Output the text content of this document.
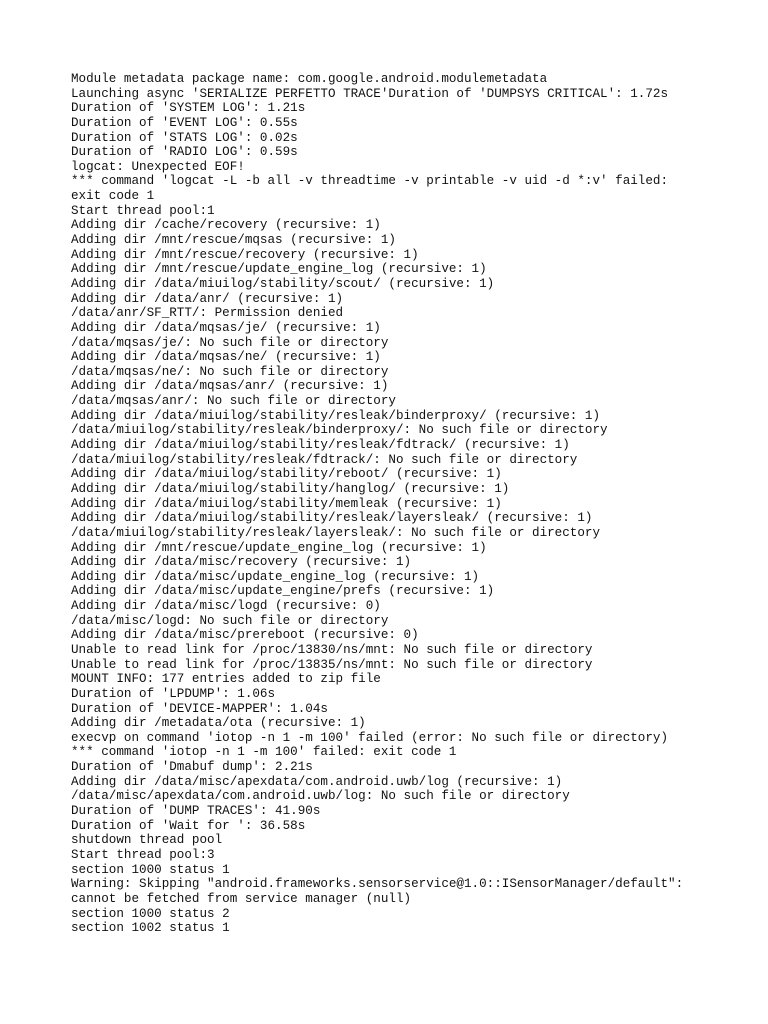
Module metadata package name: com.google.android.modulemetadata
Launching async 'SERIALIZE PERFETTO TRACE'Duration of 'DUMPSYS CRITICAL': 1.72s
Duration of 'SYSTEM LOG': 1.21s
Duration of 'EVENT LOG': 0.55s
Duration of 'STATS LOG': 0.02s
Duration of 'RADIO LOG': 0.59s
logcat: Unexpected EOF!
*** command 'logcat -L -b all -v threadtime -v printable -v uid -d *:v' failed:
exit code 1
Start thread pool:1
Adding dir /cache/recovery (recursive: 1)
Adding dir /mnt/rescue/mqsas (recursive: 1)
Adding dir /mnt/rescue/recovery (recursive: 1)
Adding dir /mnt/rescue/update_engine_log (recursive: 1)
Adding dir /data/miuilog/stability/scout/ (recursive: 1)
Adding dir /data/anr/ (recursive: 1)
/data/anr/SF_RTT/: Permission denied
Adding dir /data/mqsas/je/ (recursive: 1)
/data/mqsas/je/: No such file or directory
Adding dir /data/mqsas/ne/ (recursive: 1)
/data/mqsas/ne/: No such file or directory
Adding dir /data/mqsas/anr/ (recursive: 1)
/data/mqsas/anr/: No such file or directory
Adding dir /data/miuilog/stability/resleak/binderproxy/ (recursive: 1)
/data/miuilog/stability/resleak/binderproxy/: No such file or directory
Adding dir /data/miuilog/stability/resleak/fdtrack/ (recursive: 1)
/data/miuilog/stability/resleak/fdtrack/: No such file or directory
Adding dir /data/miuilog/stability/reboot/ (recursive: 1)
Adding dir /data/miuilog/stability/hanglog/ (recursive: 1)
Adding dir /data/miuilog/stability/memleak (recursive: 1)
Adding dir /data/miuilog/stability/resleak/layersleak/ (recursive: 1)
/data/miuilog/stability/resleak/layersleak/: No such file or directory
Adding dir /mnt/rescue/update_engine_log (recursive: 1)
Adding dir /data/misc/recovery (recursive: 1)
Adding dir /data/misc/update_engine_log (recursive: 1)
Adding dir /data/misc/update_engine/prefs (recursive: 1)
Adding dir /data/misc/logd (recursive: 0)
/data/misc/logd: No such file or directory
Adding dir /data/misc/prereboot (recursive: 0)
Unable to read link for /proc/13830/ns/mnt: No such file or directory
Unable to read link for /proc/13835/ns/mnt: No such file or directory
MOUNT INFO: 177 entries added to zip file
Duration of 'LPDUMP': 1.06s
Duration of 'DEVICE-MAPPER': 1.04s
Adding dir /metadata/ota (recursive: 1)
execvp on command 'iotop -n 1 -m 100' failed (error: No such file or directory)
*** command 'iotop -n 1 -m 100' failed: exit code 1
Duration of 'Dmabuf dump': 2.21s
Adding dir /data/misc/apexdata/com.android.uwb/log (recursive: 1)
/data/misc/apexdata/com.android.uwb/log: No such file or directory
Duration of 'DUMP TRACES': 41.90s
Duration of 'Wait for ': 36.58s
shutdown thread pool
Start thread pool:3
section 1000 status 1
Warning: Skipping "android.frameworks.sensorservice@1.0::ISensorManager/default":
cannot be fetched from service manager (null)
section 1000 status 2
section 1002 status 1
